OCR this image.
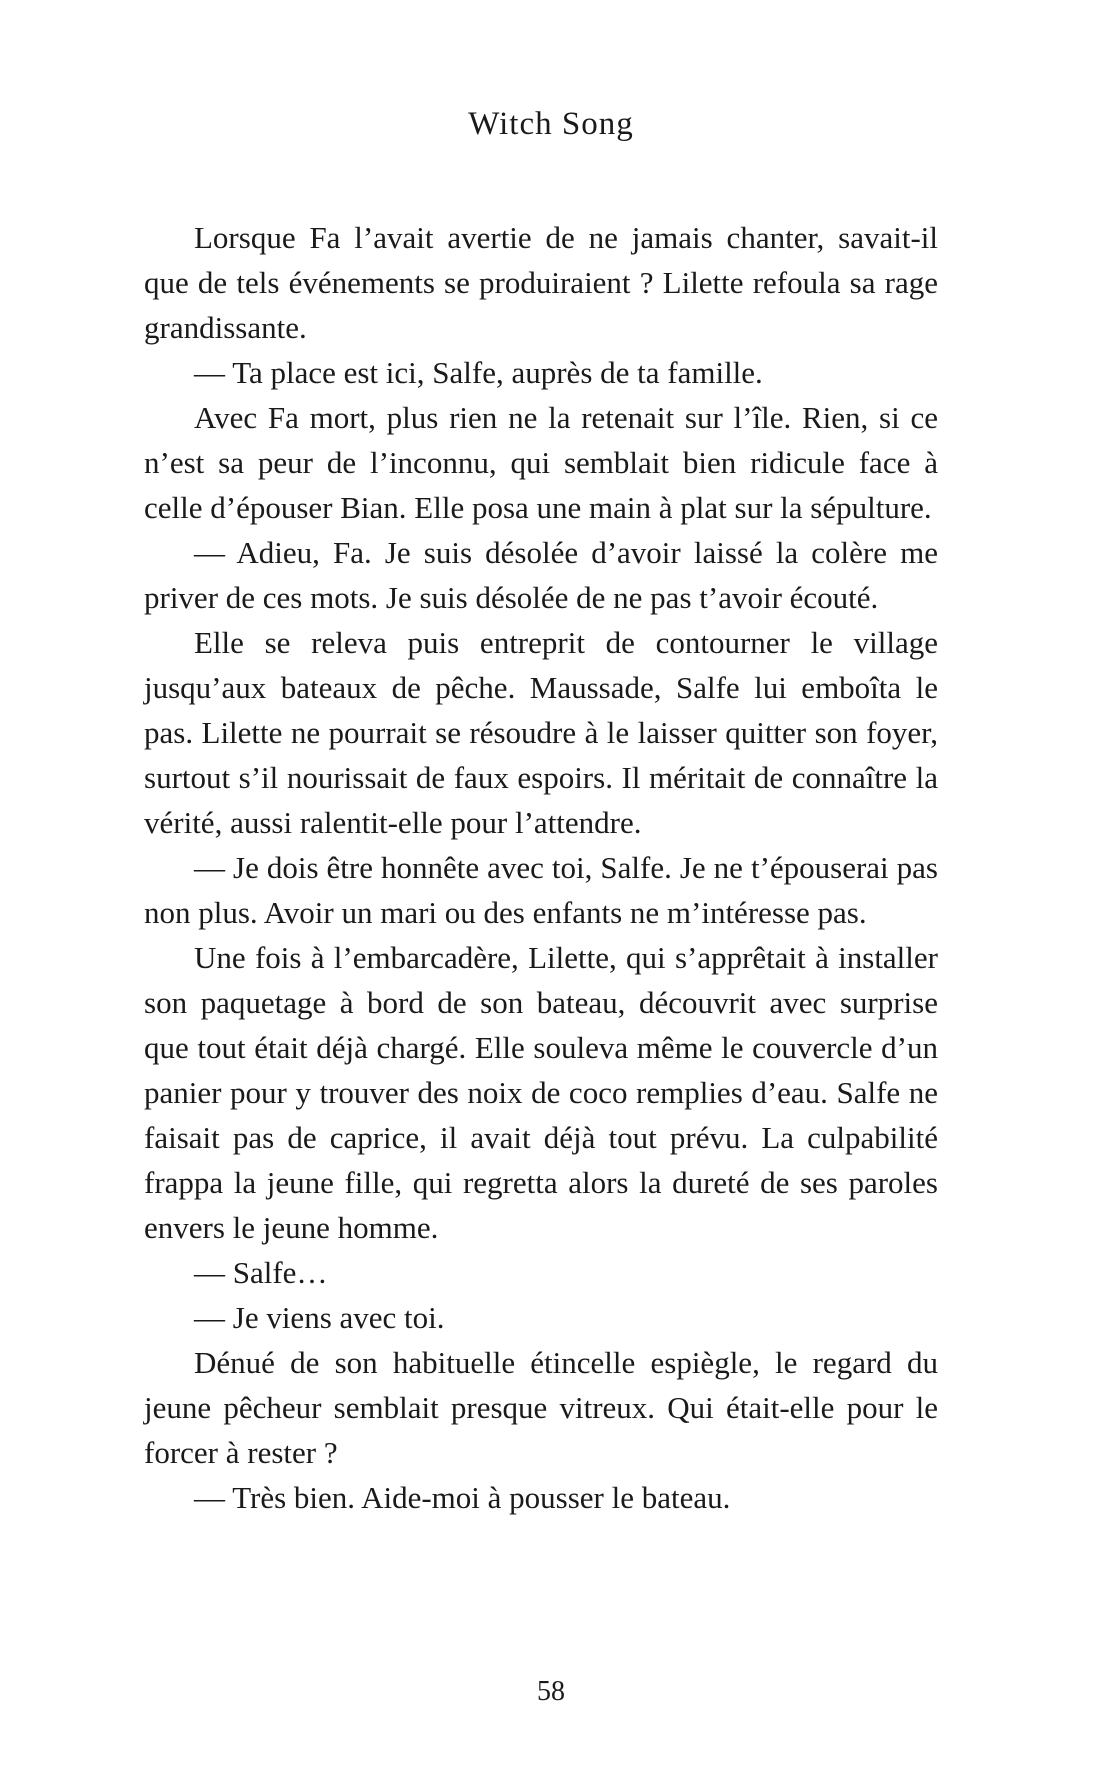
Witch Song

Lorsque Fa l’avait avertie de ne jamais chanter, savait-il que de tels événements se produiraient ? Lilette refoula sa rage grandissante.

— Ta place est ici, Salfe, auprès de ta famille.

Avec Fa mort, plus rien ne la retenait sur l’île. Rien, si ce n’est sa peur de l’inconnu, qui semblait bien ridicule face à celle d’épouser Bian. Elle posa une main à plat sur la sépulture.

— Adieu, Fa. Je suis désolée d’avoir laissé la colère me priver de ces mots. Je suis désolée de ne pas t’avoir écouté.

Elle se releva puis entreprit de contourner le village jusqu’aux bateaux de pêche. Maussade, Salfe lui emboîta le pas. Lilette ne pourrait se résoudre à le laisser quitter son foyer, surtout s’il nourissait de faux espoirs. Il méritait de connaître la vérité, aussi ralentit-elle pour l’attendre.

— Je dois être honnête avec toi, Salfe. Je ne t’épouserai pas non plus. Avoir un mari ou des enfants ne m’intéresse pas.

Une fois à l’embarcadère, Lilette, qui s’apprêtait à installer son paquetage à bord de son bateau, découvrit avec surprise que tout était déjà chargé. Elle souleva même le couvercle d’un panier pour y trouver des noix de coco remplies d’eau. Salfe ne faisait pas de caprice, il avait déjà tout prévu. La culpabilité frappa la jeune fille, qui regretta alors la dureté de ses paroles envers le jeune homme.

— Salfe…

— Je viens avec toi.

Dénué de son habituelle étincelle espiègle, le regard du jeune pêcheur semblait presque vitreux. Qui était-elle pour le forcer à rester ?

— Très bien. Aide-moi à pousser le bateau.

58
